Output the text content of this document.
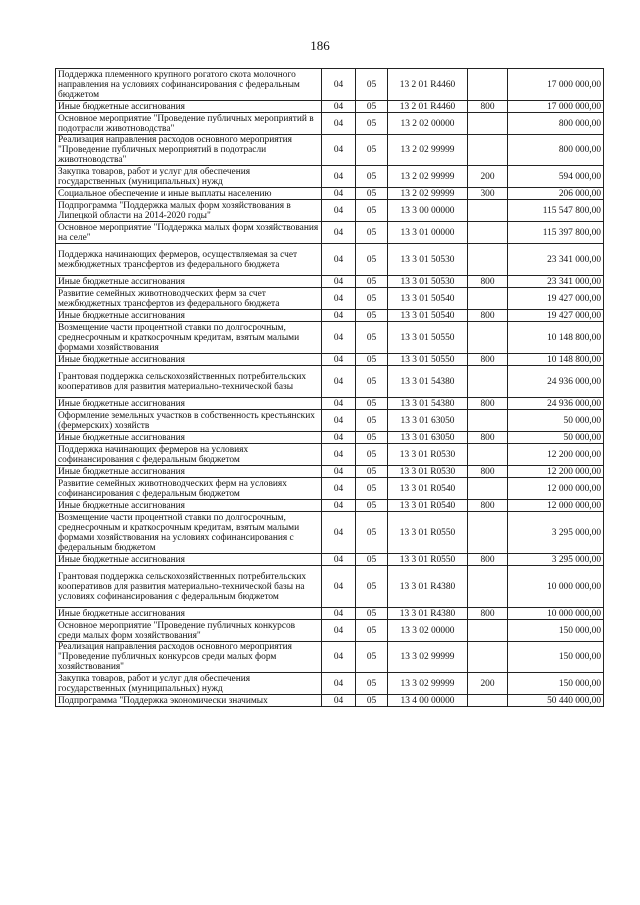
186
Поддержка племенного крупного рогатого скота молочного направления на условиях софинансирования с федеральным бюджетом	04	05	13 2 01 R4460		17 000 000,00
Иные бюджетные ассигнования	04	05	13 2 01 R4460	800	17 000 000,00
Основное мероприятие "Проведение публичных мероприятий в подотрасли животноводства"	04	05	13 2 02 00000		800 000,00
Реализация направления расходов основного мероприятия "Проведение публичных мероприятий в подотрасли животноводства"	04	05	13 2 02 99999		800 000,00
Закупка товаров, работ и услуг для обеспечения государственных (муниципальных) нужд	04	05	13 2 02 99999	200	594 000,00
Социальное обеспечение и иные выплаты населению	04	05	13 2 02 99999	300	206 000,00
Подпрограмма "Поддержка малых форм хозяйствования в Липецкой области на 2014-2020 годы"	04	05	13 3 00 00000		115 547 800,00
Основное мероприятие "Поддержка малых форм хозяйствования на селе"	04	05	13 3 01 00000		115 397 800,00
Поддержка начинающих фермеров, осуществляемая за счет межбюджетных трансфертов из федерального бюджета	04	05	13 3 01 50530		23 341 000,00
Иные бюджетные ассигнования	04	05	13 3 01 50530	800	23 341 000,00
Развитие семейных животноводческих ферм за счет межбюджетных трансфертов из федерального бюджета	04	05	13 3 01 50540		19 427 000,00
Иные бюджетные ассигнования	04	05	13 3 01 50540	800	19 427 000,00
Возмещение части процентной ставки по долгосрочным, среднесрочным и краткосрочным кредитам, взятым малыми формами хозяйствования	04	05	13 3 01 50550		10 148 800,00
Иные бюджетные ассигнования	04	05	13 3 01 50550	800	10 148 800,00
Грантовая поддержка сельскохозяйственных потребительских кооперативов для развития материально-технической базы	04	05	13 3 01 54380		24 936 000,00
Иные бюджетные ассигнования	04	05	13 3 01 54380	800	24 936 000,00
Оформление земельных участков в собственность крестьянских (фермерских) хозяйств	04	05	13 3 01 63050		50 000,00
Иные бюджетные ассигнования	04	05	13 3 01 63050	800	50 000,00
Поддержка начинающих фермеров на условиях софинансирования с федеральным бюджетом	04	05	13 3 01 R0530		12 200 000,00
Иные бюджетные ассигнования	04	05	13 3 01 R0530	800	12 200 000,00
Развитие семейных животноводческих ферм на условиях софинансирования с федеральным бюджетом	04	05	13 3 01 R0540		12 000 000,00
Иные бюджетные ассигнования	04	05	13 3 01 R0540	800	12 000 000,00
Возмещение части процентной ставки по долгосрочным, среднесрочным и краткосрочным кредитам, взятым малыми формами хозяйствования на условиях софинансирования с федеральным бюджетом	04	05	13 3 01 R0550		3 295 000,00
Иные бюджетные ассигнования	04	05	13 3 01 R0550	800	3 295 000,00
Грантовая поддержка сельскохозяйственных потребительских кооперативов для развития материально-технической базы на условиях софинансирования с федеральным бюджетом	04	05	13 3 01 R4380		10 000 000,00
Иные бюджетные ассигнования	04	05	13 3 01 R4380	800	10 000 000,00
Основное мероприятие "Проведение публичных конкурсов среди малых форм хозяйствования"	04	05	13 3 02 00000		150 000,00
Реализация направления расходов основного мероприятия "Проведение публичных конкурсов среди малых форм хозяйствования"	04	05	13 3 02 99999		150 000,00
Закупка товаров, работ и услуг для обеспечения государственных (муниципальных) нужд	04	05	13 3 02 99999	200	150 000,00
Подпрограмма "Поддержка экономически значимых	04	05	13 4 00 00000		50 440 000,00
